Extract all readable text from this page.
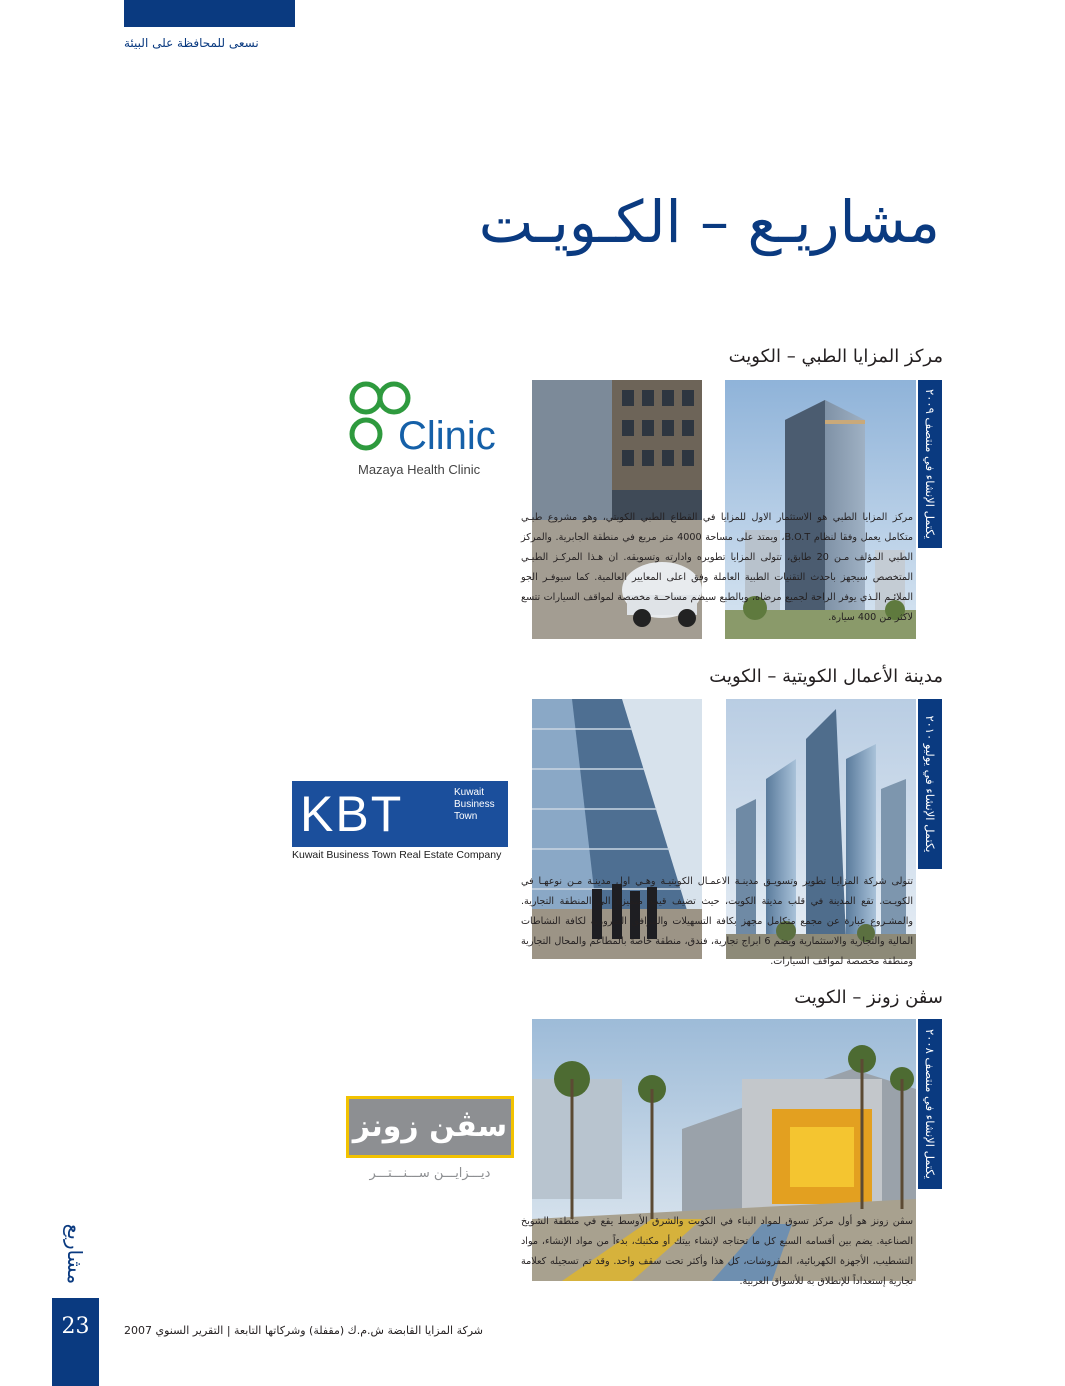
نسعى للمحافظة على البيئة
مشاريـع – الكـويـت
مركز المزايا الطبي – الكويت
يكتمل الإنشاء في منتصف ٢٠٠٩
Clinic
Mazaya Health Clinic
مركز المزايا الطبي هو الاستثمار الاول للمزايا في القطاع الطبي الكويتي، وهو مشروع طبـي متكامل يعمل وفقا لنظام B.O.T، ويمتد على مساحة 4000 متر مربع في منطقة الجابرية. والمركز الطبي المؤلف مـن 20 طابق، تتولى المزايا تطويره وادارته وتسويقه. ان هـذا المركـز الطبـي المتخصص سيجهز باحدث التقنيات الطبية العاملة وفق اعلى المعايير العالمية. كما سيوفـر الجو الملائـم الـذي يوفر الراحة لجميع مرضاه، وبالطبع سيضم مساحــة مخصصة لمواقف السيارات تتسع لاكثر من 400 سيارة.
مدينة الأعمال الكويتية – الكويت
يكتمل الإنشاء في يوليو ٢٠١٠
KBT	Kuwait
Business
Town
Kuwait Business Town Real Estate Company
تتولى شركة المزايـا تطوير وتسويـق مدينـة الاعمـال الكويتيـة وهـي اول مدينـة مـن نوعهـا في الكويـت. تقع المدينة في قلب مدينة الكويت، حيث تضيف قيمة متميزة الى المنطقة التجارية. والمشـروع عبارة عن مجمع متكامل مجهز بكافة التسهيلات والمرافق الضرورية لكافة النشاطات المالية والتجارية والاستثمارية ويضم 6 ابراج تجارية، فندق، منطقة خاصة بالمطاعم والمحال التجارية ومنطقة مخصصة لمواقف السيارات.
سڤن زونز – الكويت
يكتمل الإنشاء في منتصف ٢٠٠٨
سڤن زونز
ديـــزايـــن ســـنـــتـــر
سڤن زونز هو أول مركز تسوق لمواد البناء في الكويت والشرق الأوسط يقع في منطقة الشويخ الصناعية. يضم بين أقسامه السبع كل ما تحتاجه لإنشاء بيتك أو مكتبك، بدءاً من مواد الإنشاء، مواد التشطيب، الأجهزة الكهربائية، المفروشات، كل هذا وأكثر تحت سقف واحد. وقد تم تسجيله كعلامة تجارية إستعداداً للإنطلاق به للأسواق العربية.
مشاريع
23	شركة المزايا القابضة ش.م.ك (مقفلة) وشركاتها التابعة | التقرير السنوي 2007
